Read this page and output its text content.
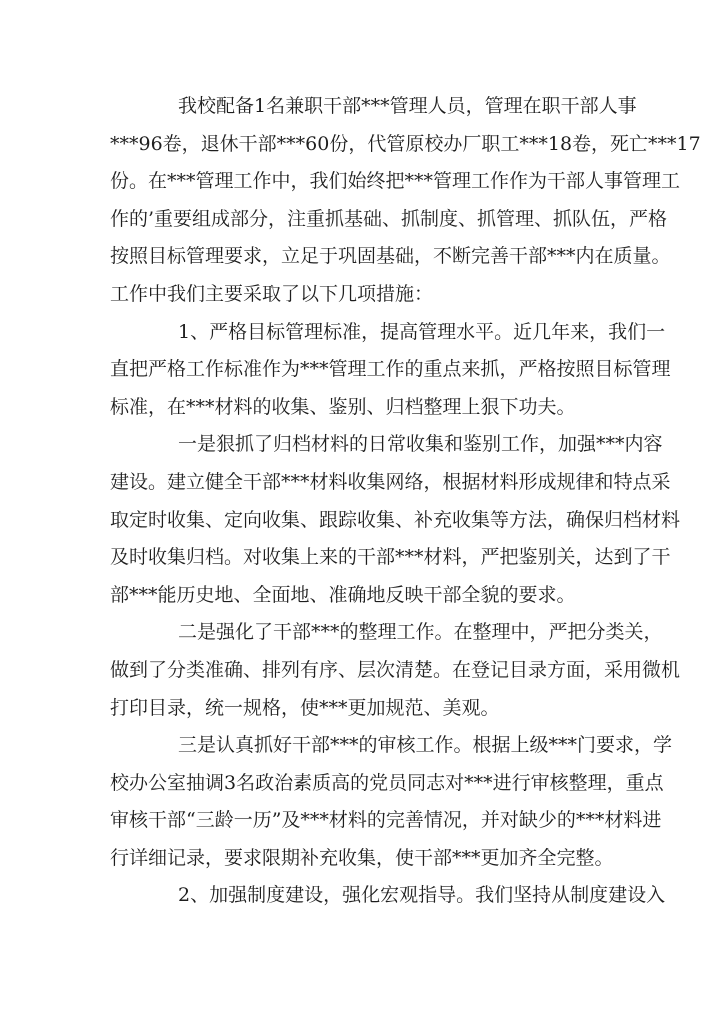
我校配备1名兼职干部***管理人员，管理在职干部人事
***96卷，退休干部***60份，代管原校办厂职工***18卷，死亡***17
份。在***管理工作中，我们始终把***管理工作作为干部人事管理工
作的’重要组成部分，注重抓基础、抓制度、抓管理、抓队伍，严格
按照目标管理要求，立足于巩固基础，不断完善干部***内在质量。
工作中我们主要采取了以下几项措施：
1、严格目标管理标准，提高管理水平。近几年来，我们一
直把严格工作标准作为***管理工作的重点来抓，严格按照目标管理
标准，在***材料的收集、鉴别、归档整理上狠下功夫。
一是狠抓了归档材料的日常收集和鉴别工作，加强***内容
建设。建立健全干部***材料收集网络，根据材料形成规律和特点采
取定时收集、定向收集、跟踪收集、补充收集等方法，确保归档材料
及时收集归档。对收集上来的干部***材料，严把鉴别关，达到了干
部***能历史地、全面地、准确地反映干部全貌的要求。
二是强化了干部***的整理工作。在整理中，严把分类关，
做到了分类准确、排列有序、层次清楚。在登记目录方面，采用微机
打印目录，统一规格，使***更加规范、美观。
三是认真抓好干部***的审核工作。根据上级***门要求，学
校办公室抽调3名政治素质高的党员同志对***进行审核整理，重点
审核干部“三龄一历”及***材料的完善情况，并对缺少的***材料进
行详细记录，要求限期补充收集，使干部***更加齐全完整。
2、加强制度建设，强化宏观指导。我们坚持从制度建设入
